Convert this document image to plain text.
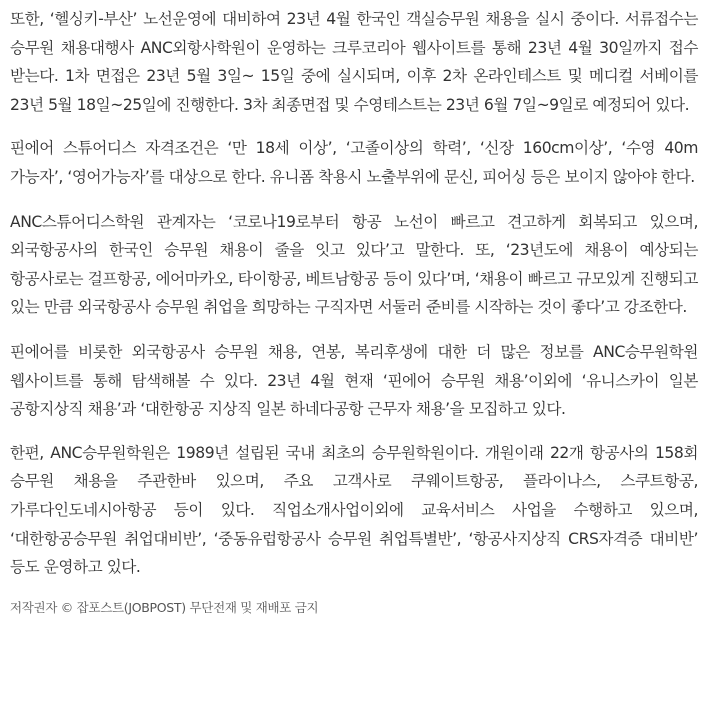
또한, ‘헬싱키-부산’ 노선운영에 대비하여 23년 4월 한국인 객실승무원 채용을 실시 중이다. 서류접수는 승무원 채용대행사 ANC외항사학원이 운영하는 크루코리아 웹사이트를 통해 23년 4월 30일까지 접수 받는다. 1차 면접은 23년 5월 3일~ 15일 중에 실시되며, 이후 2차 온라인테스트 및 메디컬 서베이를 23년 5월 18일~25일에 진행한다. 3차 최종면접 및 수영테스트는 23년 6월 7일~9일로 예정되어 있다.

핀에어 스튜어디스 자격조건은 ‘만 18세 이상’, ‘고졸이상의 학력’, ‘신장 160cm이상’, ‘수영 40m 가능자’, ‘영어가능자’를 대상으로 한다. 유니폼 착용시 노출부위에 문신, 피어싱 등은 보이지 않아야 한다.

ANC스튜어디스학원 관계자는 ‘코로나19로부터 항공 노선이 빠르고 견고하게 회복되고 있으며, 외국항공사의 한국인 승무원 채용이 줄을 잇고 있다’고 말한다. 또, ‘23년도에 채용이 예상되는 항공사로는 걸프항공, 에어마카오, 타이항공, 베트남항공 등이 있다’며, ‘채용이 빠르고 규모있게 진행되고 있는 만큼 외국항공사 승무원 취업을 희망하는 구직자면 서둘러 준비를 시작하는 것이 좋다’고 강조한다.

핀에어를 비롯한 외국항공사 승무원 채용, 연봉, 복리후생에 대한 더 많은 정보를 ANC승무원학원 웹사이트를 통해 탐색해볼 수 있다. 23년 4월 현재 ‘핀에어 승무원 채용’이외에 ‘유니스카이 일본 공항지상직 채용’과 ‘대한항공 지상직 일본 하네다공항 근무자 채용’을 모집하고 있다.

한편, ANC승무원학원은 1989년 설립된 국내 최초의 승무원학원이다. 개원이래 22개 항공사의 158회 승무원 채용을 주관한바 있으며, 주요 고객사로 쿠웨이트항공, 플라이나스, 스쿠트항공, 가루다인도네시아항공 등이 있다. 직업소개사업이외에 교육서비스 사업을 수행하고 있으며, ‘대한항공승무원 취업대비반’, ‘중동유럽항공사 승무원 취업특별반’, ‘항공사지상직 CRS자격증 대비반’ 등도 운영하고 있다.

저작권자 © 잡포스트(JOBPOST) 무단전재 및 재배포 금지
